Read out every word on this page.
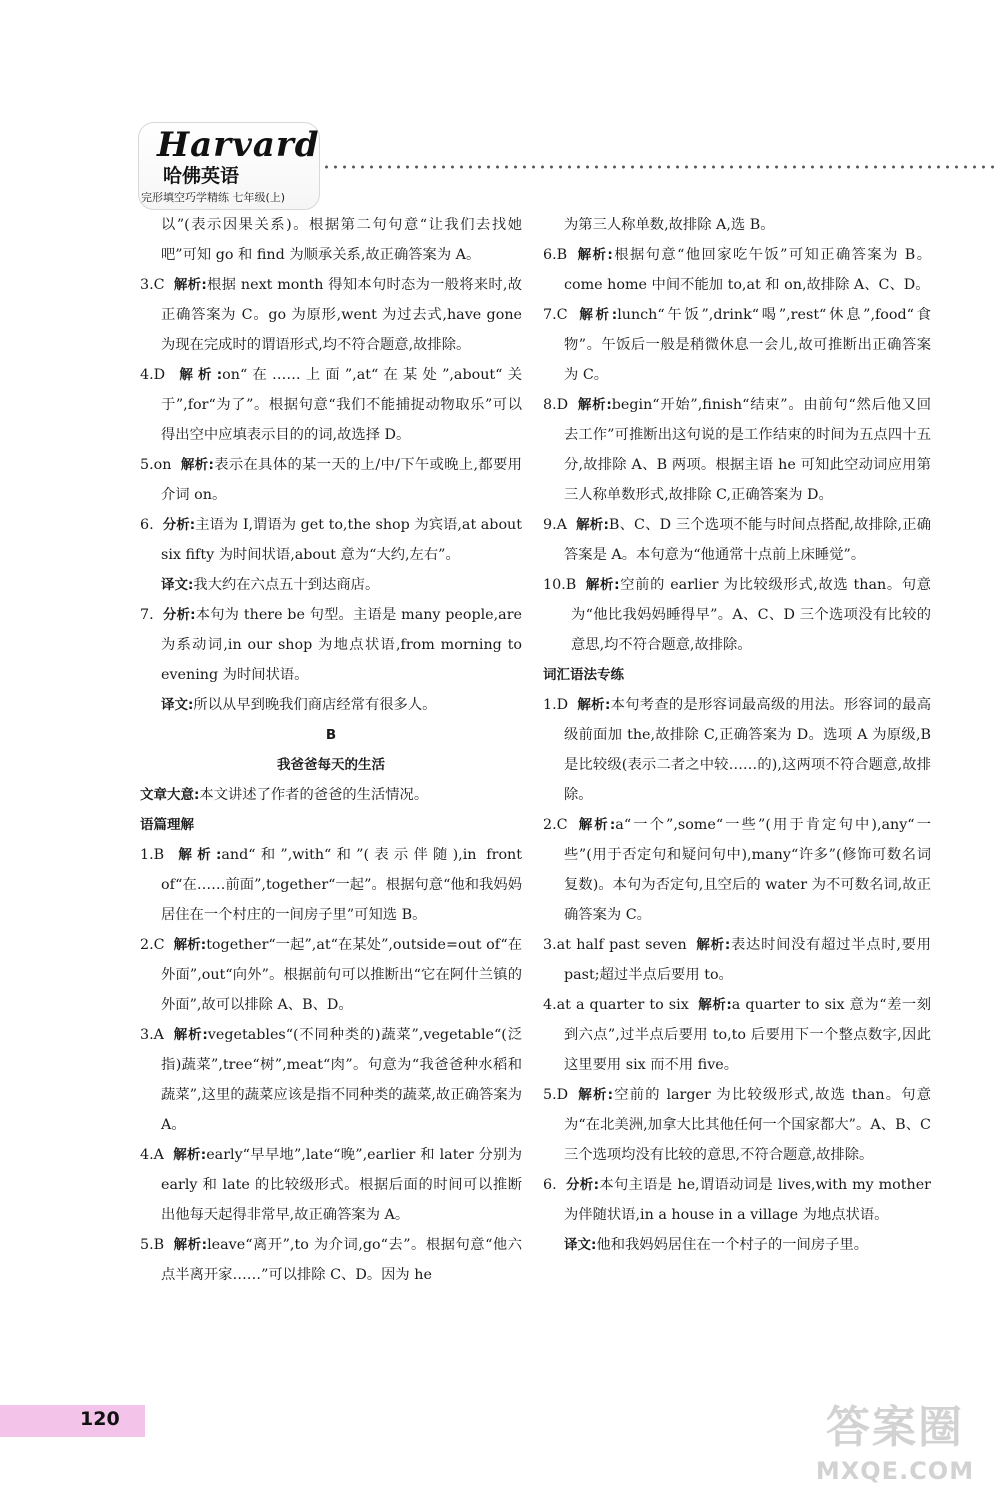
Harvard
哈佛英语
完形填空巧学精练 七年级(上)

以”(表示因果关系)。根据第二句句意“让我们去找她吧”可知 go 和 find 为顺承关系,故正确答案为 A。

3.C 解析:根据 next month 得知本句时态为一般将来时,故正确答案为 C。go 为原形,went 为过去式,have gone 为现在完成时的谓语形式,均不符合题意,故排除。

4.D 解析:on“在……上面”,at“在某处”,about“关于”,for“为了”。根据句意“我们不能捕捉动物取乐”可以得出空中应填表示目的的词,故选择 D。

5.on 解析:表示在具体的某一天的上/中/下午或晚上,都要用介词 on。

6. 分析:主语为 I,谓语为 get to,the shop 为宾语,at about six fifty 为时间状语,about 意为“大约,左右”。

译文:我大约在六点五十到达商店。

7. 分析:本句为 there be 句型。主语是 many people,are 为系动词,in our shop 为地点状语,from morning to evening 为时间状语。

译文:所以从早到晚我们商店经常有很多人。

B

我爸爸每天的生活

文章大意:本文讲述了作者的爸爸的生活情况。

语篇理解

1.B 解析:and“和”,with“和”(表示伴随),in front of“在……前面”,together“一起”。根据句意“他和我妈妈居住在一个村庄的一间房子里”可知选 B。

2.C 解析:together“一起”,at“在某处”,outside=out of“在外面”,out“向外”。根据前句可以推断出“它在阿什兰镇的外面”,故可以排除 A、B、D。

3.A 解析:vegetables“(不同种类的)蔬菜”,vegetable“(泛指)蔬菜”,tree“树”,meat“肉”。句意为“我爸爸种水稻和蔬菜”,这里的蔬菜应该是指不同种类的蔬菜,故正确答案为 A。

4.A 解析:early“早早地”,late“晚”,earlier 和 later 分别为 early 和 late 的比较级形式。根据后面的时间可以推断出他每天起得非常早,故正确答案为 A。

5.B 解析:leave“离开”,to 为介词,go“去”。根据句意“他六点半离开家……”可以排除 C、D。因为 he

为第三人称单数,故排除 A,选 B。

6.B 解析:根据句意“他回家吃午饭”可知正确答案为 B。come home 中间不能加 to,at 和 on,故排除 A、C、D。

7.C 解析:lunch“午饭”,drink“喝”,rest“休息”,food“食物”。午饭后一般是稍微休息一会儿,故可推断出正确答案为 C。

8.D 解析:begin“开始”,finish“结束”。由前句“然后他又回去工作”可推断出这句说的是工作结束的时间为五点四十五分,故排除 A、B 两项。根据主语 he 可知此空动词应用第三人称单数形式,故排除 C,正确答案为 D。

9.A 解析:B、C、D 三个选项不能与时间点搭配,故排除,正确答案是 A。本句意为“他通常十点前上床睡觉”。

10.B 解析:空前的 earlier 为比较级形式,故选 than。句意为“他比我妈妈睡得早”。A、C、D 三个选项没有比较的意思,均不符合题意,故排除。

词汇语法专练

1.D 解析:本句考查的是形容词最高级的用法。形容词的最高级前面加 the,故排除 C,正确答案为 D。选项 A 为原级,B 是比较级(表示二者之中较……的),这两项不符合题意,故排除。

2.C 解析:a“一个”,some“一些”(用于肯定句中),any“一些”(用于否定句和疑问句中),many“许多”(修饰可数名词复数)。本句为否定句,且空后的 water 为不可数名词,故正确答案为 C。

3.at half past seven 解析:表达时间没有超过半点时,要用 past;超过半点后要用 to。

4.at a quarter to six 解析:a quarter to six 意为“差一刻到六点”,过半点后要用 to,to 后要用下一个整点数字,因此这里要用 six 而不用 five。

5.D 解析:空前的 larger 为比较级形式,故选 than。句意为“在北美洲,加拿大比其他任何一个国家都大”。A、B、C 三个选项均没有比较的意思,不符合题意,故排除。

6. 分析:本句主语是 he,谓语动词是 lives,with my mother 为伴随状语,in a house in a village 为地点状语。

译文:他和我妈妈居住在一个村子的一间房子里。

120	答案圈
MXQE.COM
